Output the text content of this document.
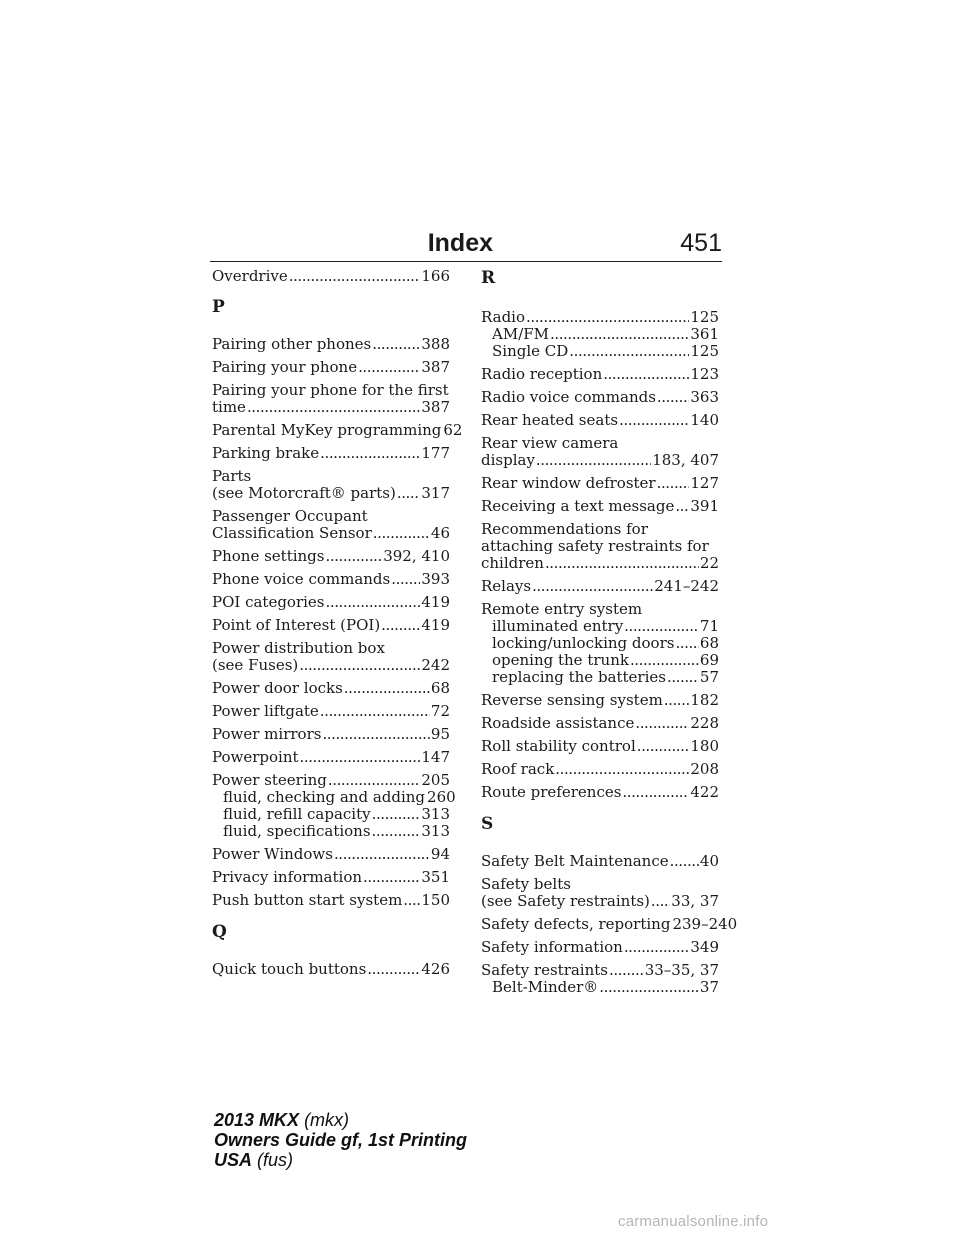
Index	451
Overdrive . . .	166
P
Pairing other phones . . .	388
Pairing your phone . . .	387
Pairing your phone for the first
time . . .	387
Parental MyKey programming 62
Parking brake . . .	177
Parts
(see Motorcraft® parts) . . . 317
Passenger Occupant
Classification Sensor . . .	46
Phone settings . . .	392, 410
Phone voice commands . . . 393
POI categories . . .	419
Point of Interest (POI) . . .	419
Power distribution box
(see Fuses) . . .	242
Power door locks . . .	68
Power liftgate . . .	72
Power mirrors . . .	95
Powerpoint . . .	147
Power steering . . .	205
fluid, checking and adding 260
fluid, refill capacity . . .	313
fluid, specifications . . .	313
Power Windows . . .	94
Privacy information . . .	351
Push button start system . . . 150
Q
Quick touch buttons . . .	426
R
Radio . . .	125
AM/FM . . .	361
Single CD . . .	125
Radio reception . . .	123
Radio voice commands . . . 363
Rear heated seats . . .	140
Rear view camera
display . . .	183, 407
Rear window defroster . . . 127
Receiving a text message . . . 391
Recommendations for
attaching safety restraints for
children . . .	22
Relays . . .	241–242
Remote entry system
illuminated entry . . .	71
locking/unlocking doors . . . 68
opening the trunk . . .	69
replacing the batteries . . . 57
Reverse sensing system . . . 182
Roadside assistance . . .	228
Roll stability control . . .	180
Roof rack . . .	208
Route preferences . . .	422
S
Safety Belt Maintenance . . . 40
Safety belts
(see Safety restraints) . . . 33, 37
Safety defects, reporting 239–240
Safety information . . .	349
Safety restraints . . . 33–35, 37
Belt-Minder® . . .	37
2013 MKX (mkx)
Owners Guide gf, 1st Printing
USA (fus)
carmanualsonline.info
